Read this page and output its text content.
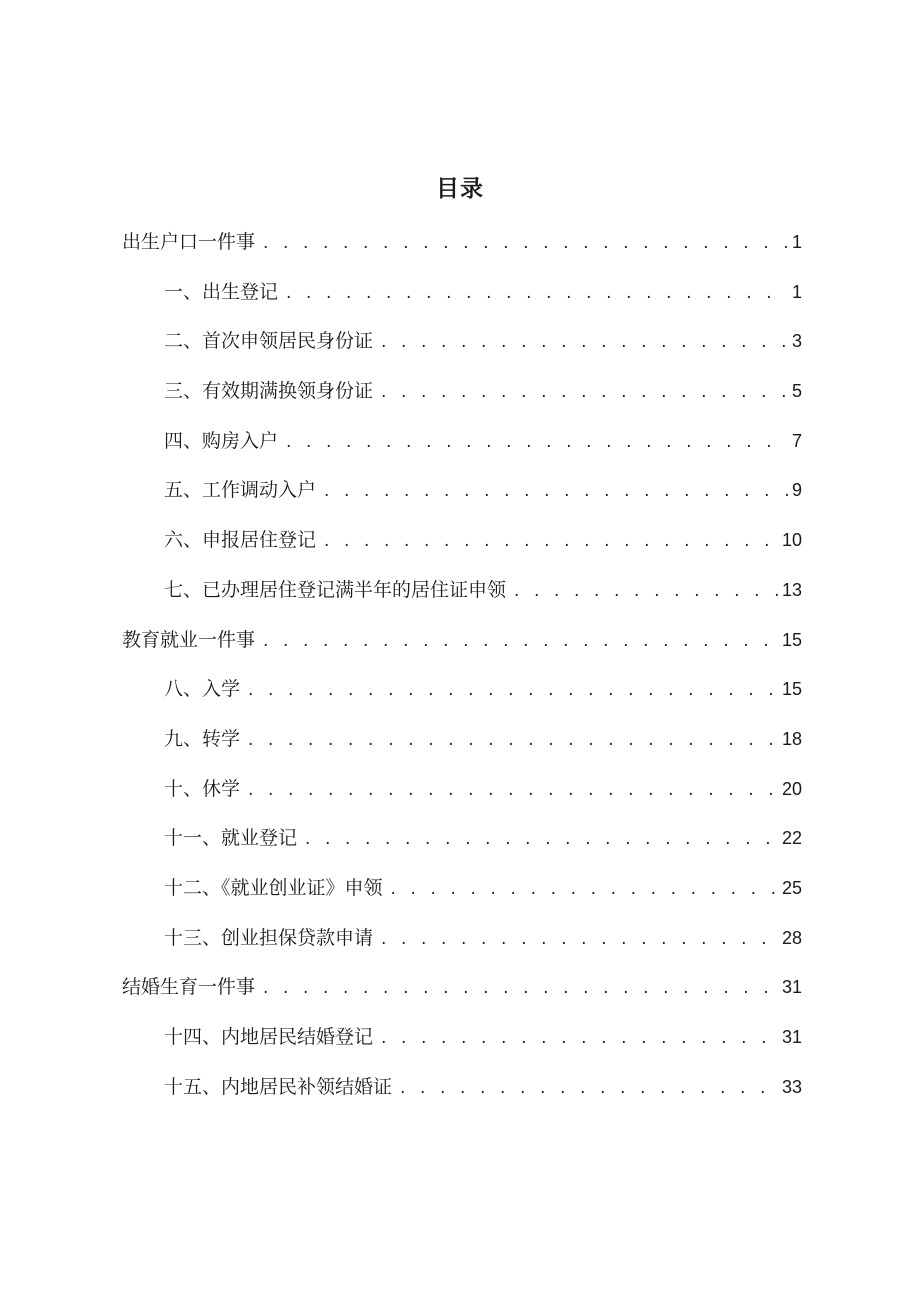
目录
出生户口一件事 . . .	1
一、出生登记 . . .	1
二、首次申领居民身份证 . . .	3
三、有效期满换领身份证 . . .	5
四、购房入户 . . .	7
五、工作调动入户 . . .	9
六、申报居住登记 . . .	10
七、已办理居住登记满半年的居住证申领 . . .	13
教育就业一件事 . . .	15
八、入学 . . .	15
九、转学 . . .	18
十、休学 . . .	20
十一、就业登记 . . .	22
十二、《就业创业证》申领 . . .	25
十三、创业担保贷款申请 . . .	28
结婚生育一件事 . . .	31
十四、内地居民结婚登记 . . .	31
十五、内地居民补领结婚证 . . .	33
